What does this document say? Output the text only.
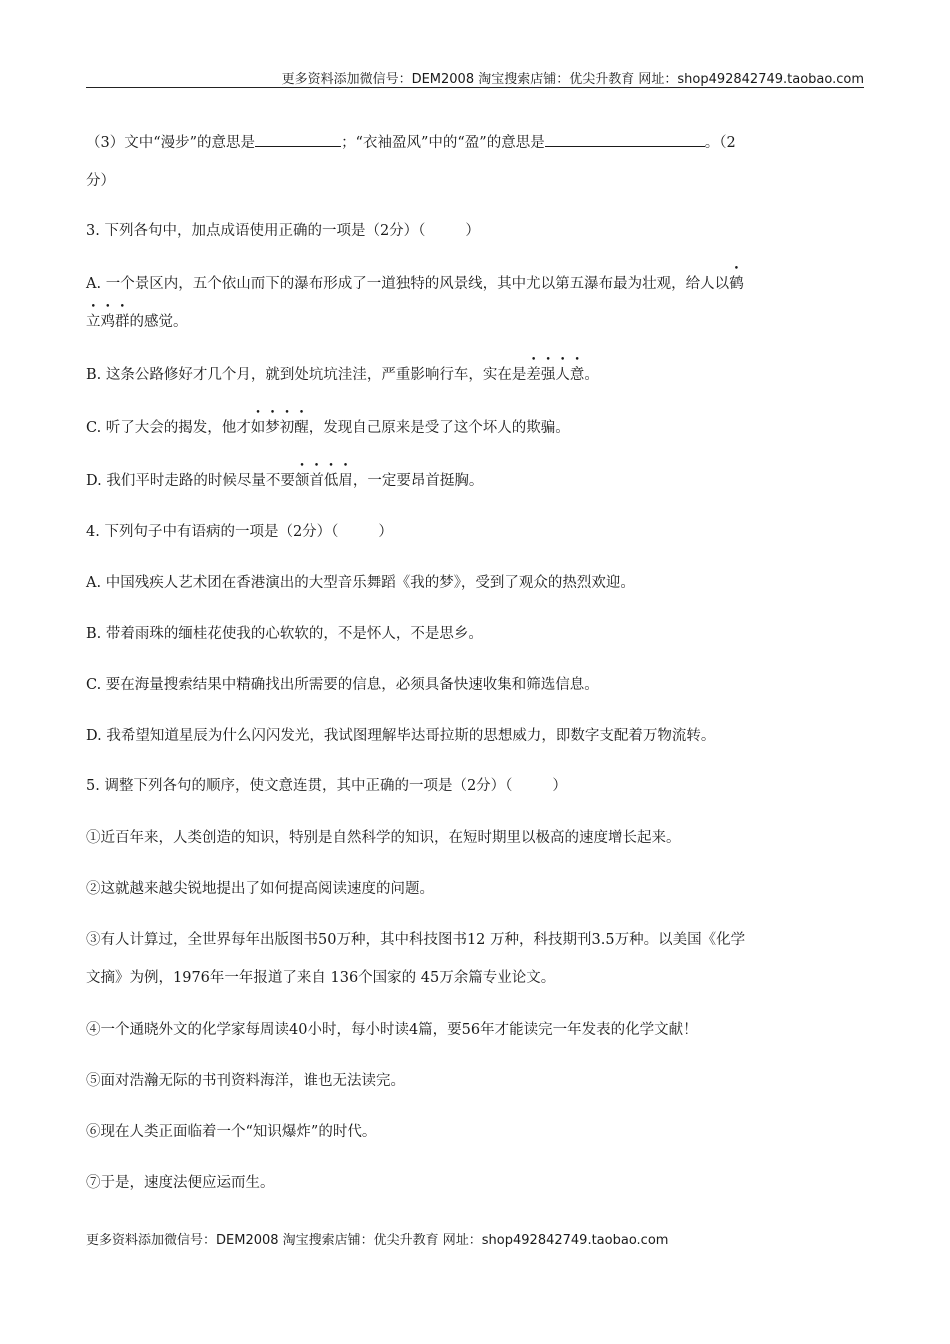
更多资料添加微信号：DEM2008 淘宝搜索店铺：优尖升教育 网址：shop492842749.taobao.com
（3）文中“漫步”的意思是	；“衣袖盈风”中的“盈”的意思是	。（2
分）
3. 下列各句中，加点成语使用正确的一项是（2分）（	）
A. 一个景区内，五个依山而下的瀑布形成了一道独特的风景线，其中尤以第五瀑布最为壮观，给人以鹤
立鸡群的感觉。
B. 这条公路修好才几个月，就到处坑坑洼洼，严重影响行车，实在是差强人意。
C. 听了大会的揭发，他才如梦初醒，发现自己原来是受了这个坏人的欺骗。
D. 我们平时走路的时候尽量不要颔首低眉，一定要昂首挺胸。
4. 下列句子中有语病的一项是（2分）（	）
A. 中国残疾人艺术团在香港演出的大型音乐舞蹈《我的梦》，受到了观众的热烈欢迎。
B. 带着雨珠的缅桂花使我的心软软的，不是怀人，不是思乡。
C. 要在海量搜索结果中精确找出所需要的信息，必须具备快速收集和筛选信息。
D. 我希望知道星辰为什么闪闪发光，我试图理解毕达哥拉斯的思想威力，即数字支配着万物流转。
5. 调整下列各句的顺序，使文意连贯，其中正确的一项是（2分）（	）
①近百年来，人类创造的知识，特别是自然科学的知识，在短时期里以极高的速度增长起来。
②这就越来越尖锐地提出了如何提高阅读速度的问题。
③有人计算过，全世界每年出版图书50万种，其中科技图书12 万种，科技期刊3.5万种。以美国《化学
文摘》为例，1976年一年报道了来自 136个国家的 45万余篇专业论文。
④一个通晓外文的化学家每周读40小时，每小时读4篇，要56年才能读完一年发表的化学文献！
⑤面对浩瀚无际的书刊资料海洋，谁也无法读完。
⑥现在人类正面临着一个“知识爆炸”的时代。
⑦于是，速度法便应运而生。
更多资料添加微信号：DEM2008 淘宝搜索店铺：优尖升教育 网址：shop492842749.taobao.com
